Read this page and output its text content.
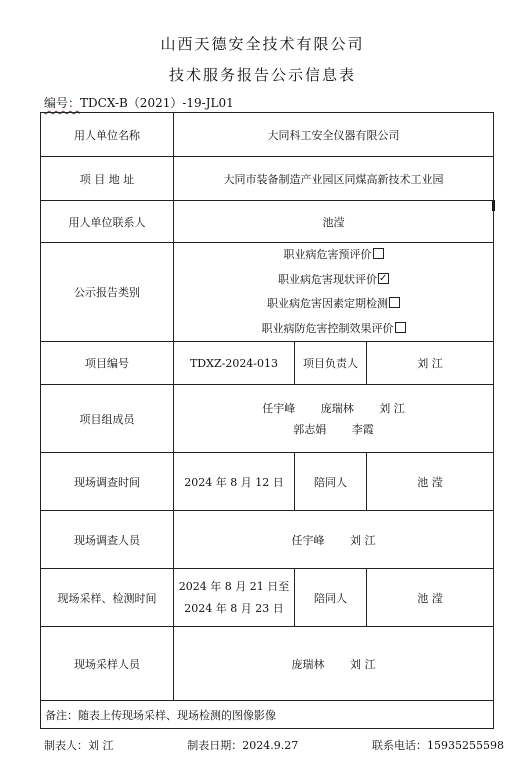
山西天德安全技术有限公司
技术服务报告公示信息表
编号：TDCX-B（2021）-19-JL01
用人单位名称	大同科工安全仪器有限公司		
项 目 地 址	大同市装备制造产业园区同煤高新技术工业园		
用人单位联系人	池滢		
公示报告类别	职业病危害预评价
职业病危害现状评价✓
职业病危害因素定期检测
职业病防危害控制效果评价

项目编号	TDXZ-2024-013	项目负责人	刘 江
项目组成员	任宇峰 庞瑞林 刘 江
郭志娟 李霞		

现场调查时间	2024 年 8 月 12 日	陪同人	池 滢
现场调查人员	任宇峰 刘 江		
现场采样、检测时间	2024 年 8 月 21 日至
2024 年 8 月 23 日	陪同人	池 滢
现场采样人员	庞瑞林 刘 江		
备注：随表上传现场采样、现场检测的图像影像			
制表人：刘 江	制表日期：2024.9.27	联系电话：15935255598
